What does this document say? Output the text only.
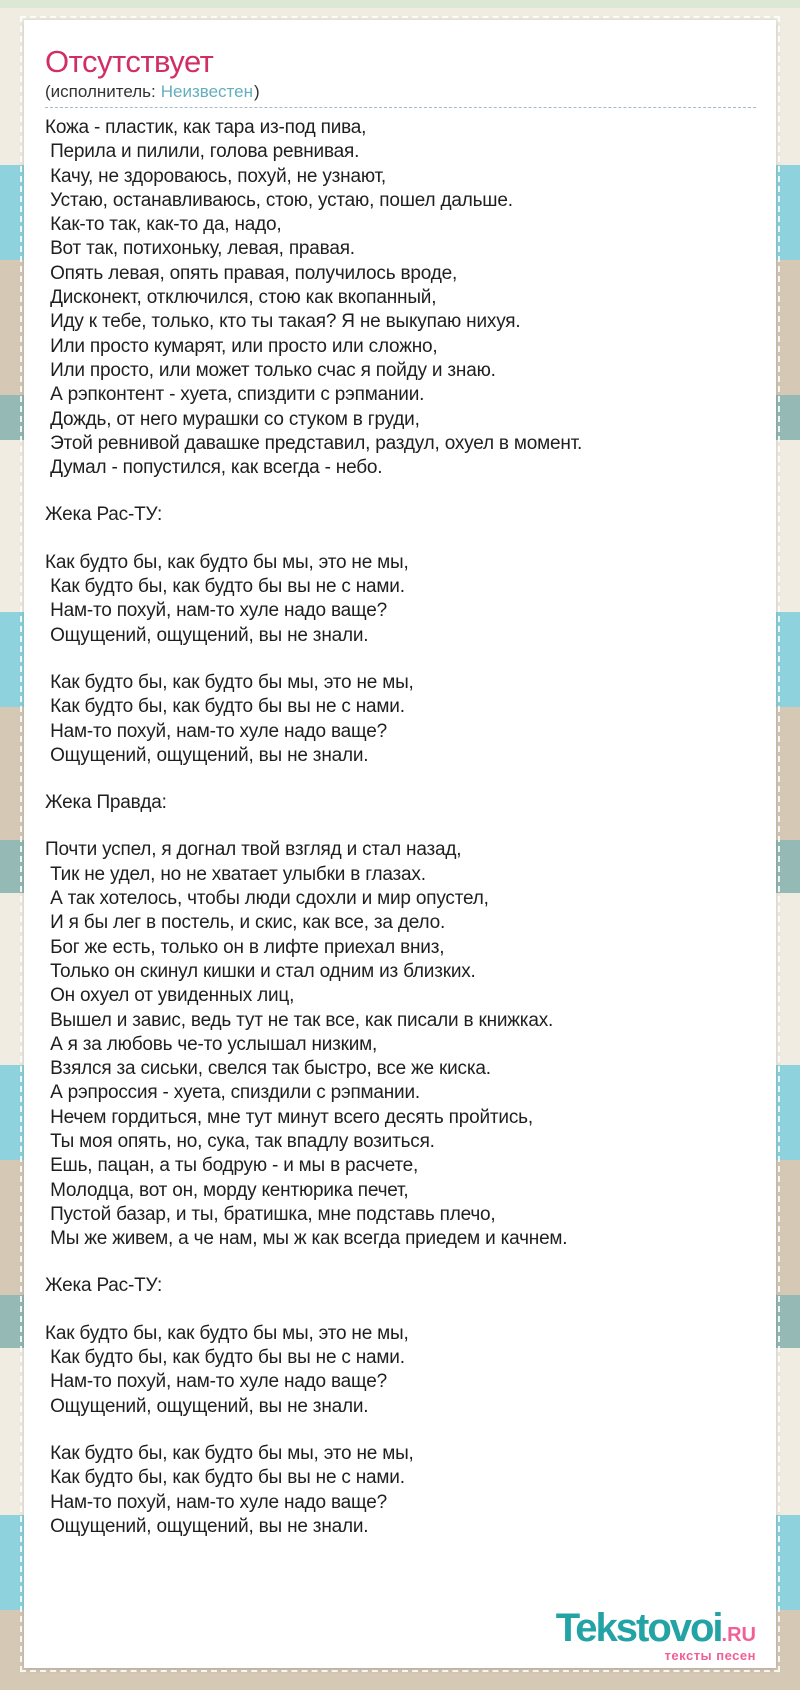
Отсутствует
(исполнитель: Неизвестен)
Кожа - пластик, как тара из-под пива,
Перила и пилили, голова ревнивая.
Качу, не здороваюсь, похуй, не узнают,
Устаю, останавливаюсь, стою, устаю, пошел дальше.
Как-то так, как-то да, надо,
Вот так, потихоньку, левая, правая.
Опять левая, опять правая, получилось вроде,
Дисконект, отключился, стою как вкопанный,
Иду к тебе, только, кто ты такая? Я не выкупаю нихуя.
Или просто кумарят, или просто или сложно,
Или просто, или может только счас я пойду и знаю.
А рэпконтент - хуета, спиздити с рэпмании.
Дождь, от него мурашки со стуком в груди,
Этой ревнивой давашке представил, раздул, охуел в момент.
Думал - попустился, как всегда - небо.
Жека Рас-ТУ:
Как будто бы, как будто бы мы, это не мы,
Как будто бы, как будто бы вы не с нами.
Нам-то похуй, нам-то хуле надо ваще?
Ощущений, ощущений, вы не знали.
Как будто бы, как будто бы мы, это не мы,
Как будто бы, как будто бы вы не с нами.
Нам-то похуй, нам-то хуле надо ваще?
Ощущений, ощущений, вы не знали.
Жека Правда:
Почти успел, я догнал твой взгляд и стал назад,
Тик не удел, но не хватает улыбки в глазах.
А так хотелось, чтобы люди сдохли и мир опустел,
И я бы лег в постель, и скис, как все, за дело.
Бог же есть, только он в лифте приехал вниз,
Только он скинул кишки и стал одним из близких.
Он охуел от увиденных лиц,
Вышел и завис, ведь тут не так все, как писали в книжках.
А я за любовь че-то услышал низким,
Взялся за сиськи, свелся так быстро, все же киска.
А рэпроссия - хуета, спиздили с рэпмании.
Нечем гордиться, мне тут минут всего десять пройтись,
Ты моя опять, но, сука, так впадлу возиться.
Ешь, пацан, а ты бодрую - и мы в расчете,
Молодца, вот он, морду кентюрика печет,
Пустой базар, и ты, братишка, мне подставь плечо,
Мы же живем, а че нам, мы ж как всегда приедем и качнем.
Жека Рас-ТУ:
Как будто бы, как будто бы мы, это не мы,
Как будто бы, как будто бы вы не с нами.
Нам-то похуй, нам-то хуле надо ваще?
Ощущений, ощущений, вы не знали.
Как будто бы, как будто бы мы, это не мы,
Как будто бы, как будто бы вы не с нами.
Нам-то похуй, нам-то хуле надо ваще?
Ощущений, ощущений, вы не знали.
Tekstovoi.RU
тексты песен
